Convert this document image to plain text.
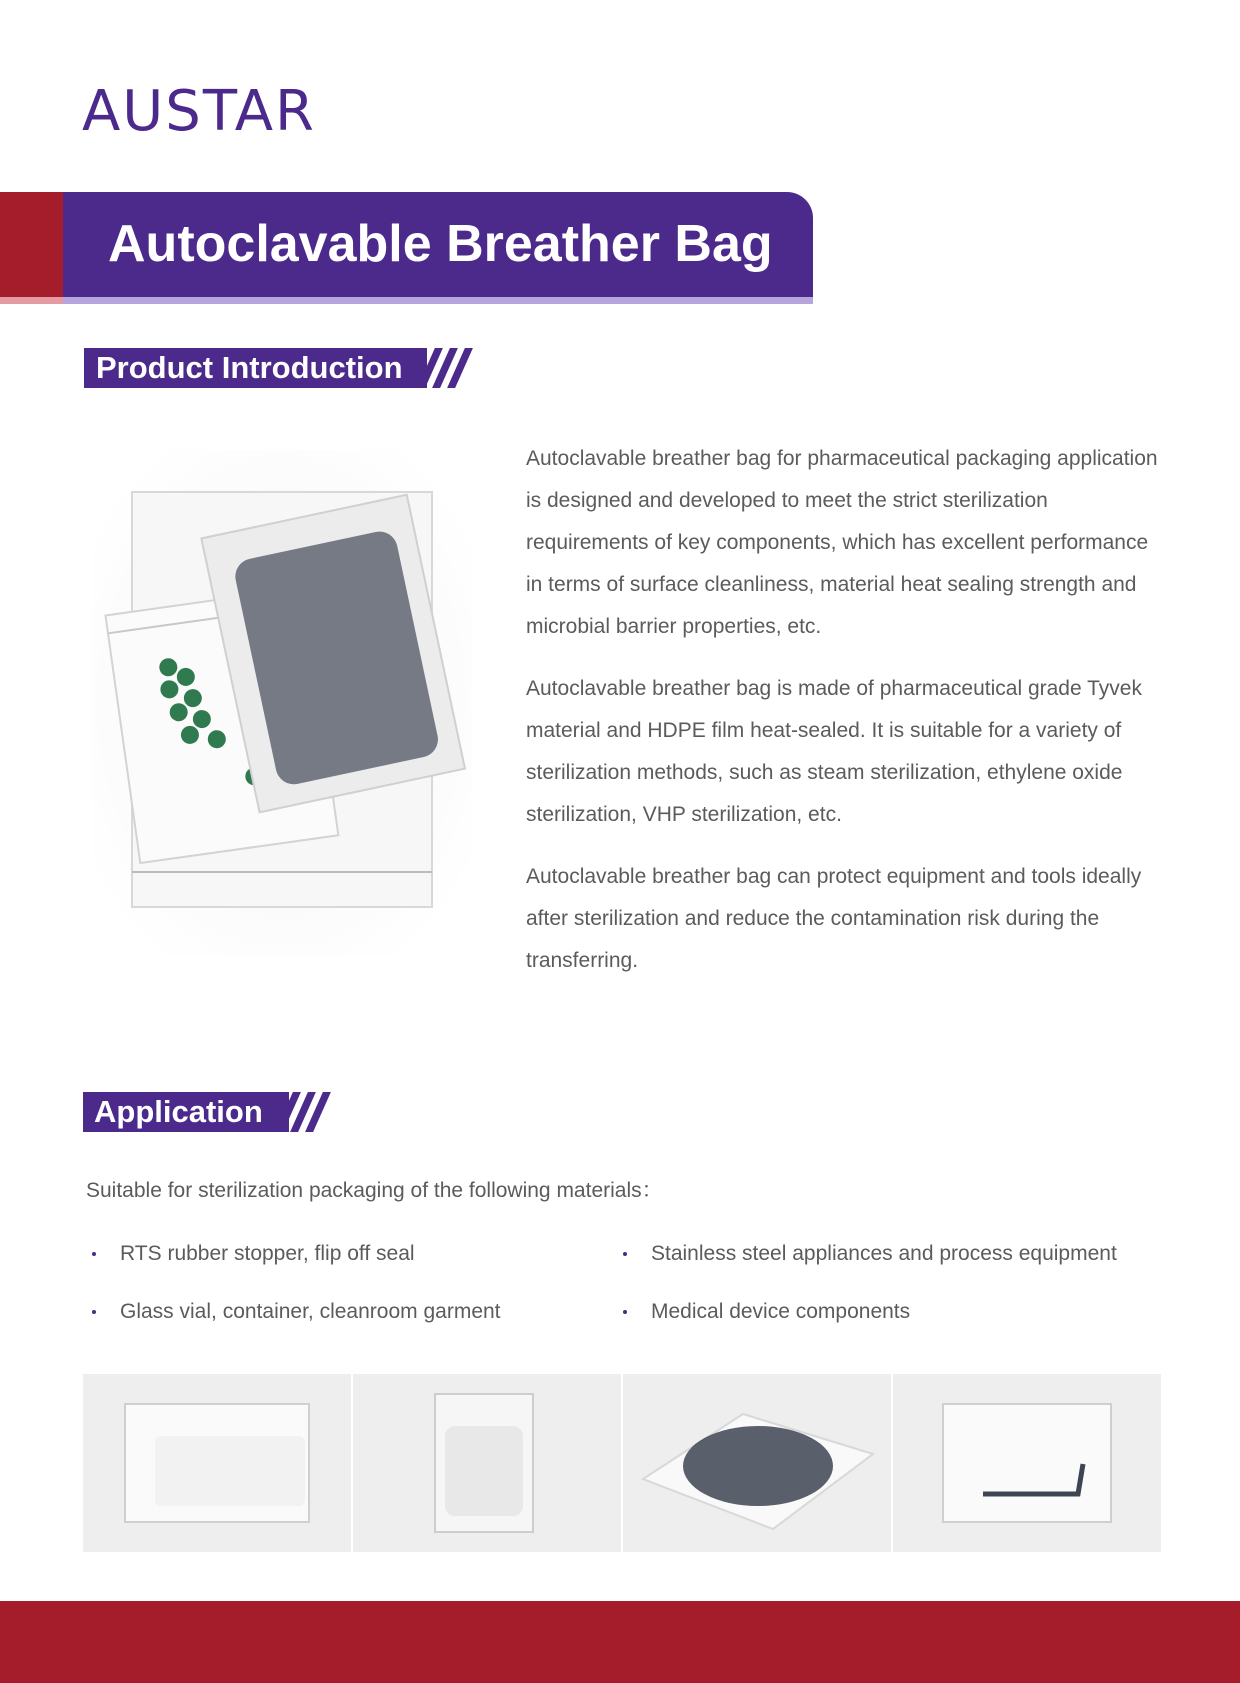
AUSTAR
Autoclavable Breather Bag
Product Introduction

Autoclavable breather bag for pharmaceutical packaging application is designed and developed to meet the strict sterilization requirements of key components, which has excellent performance in terms of surface cleanliness, material heat sealing strength and microbial barrier properties, etc.

Autoclavable breather bag is made of pharmaceutical grade Tyvek material and HDPE film heat-sealed. It is suitable for a variety of sterilization methods, such as steam sterilization, ethylene oxide sterilization, VHP sterilization, etc.

Autoclavable breather bag can protect equipment and tools ideally after sterilization and reduce the contamination risk during the transferring.

Application
Suitable for sterilization packaging of the following materials：
RTS rubber stopper, flip off seal	Stainless steel appliances and process equipment
Glass vial, container, cleanroom garment	Medical device components
